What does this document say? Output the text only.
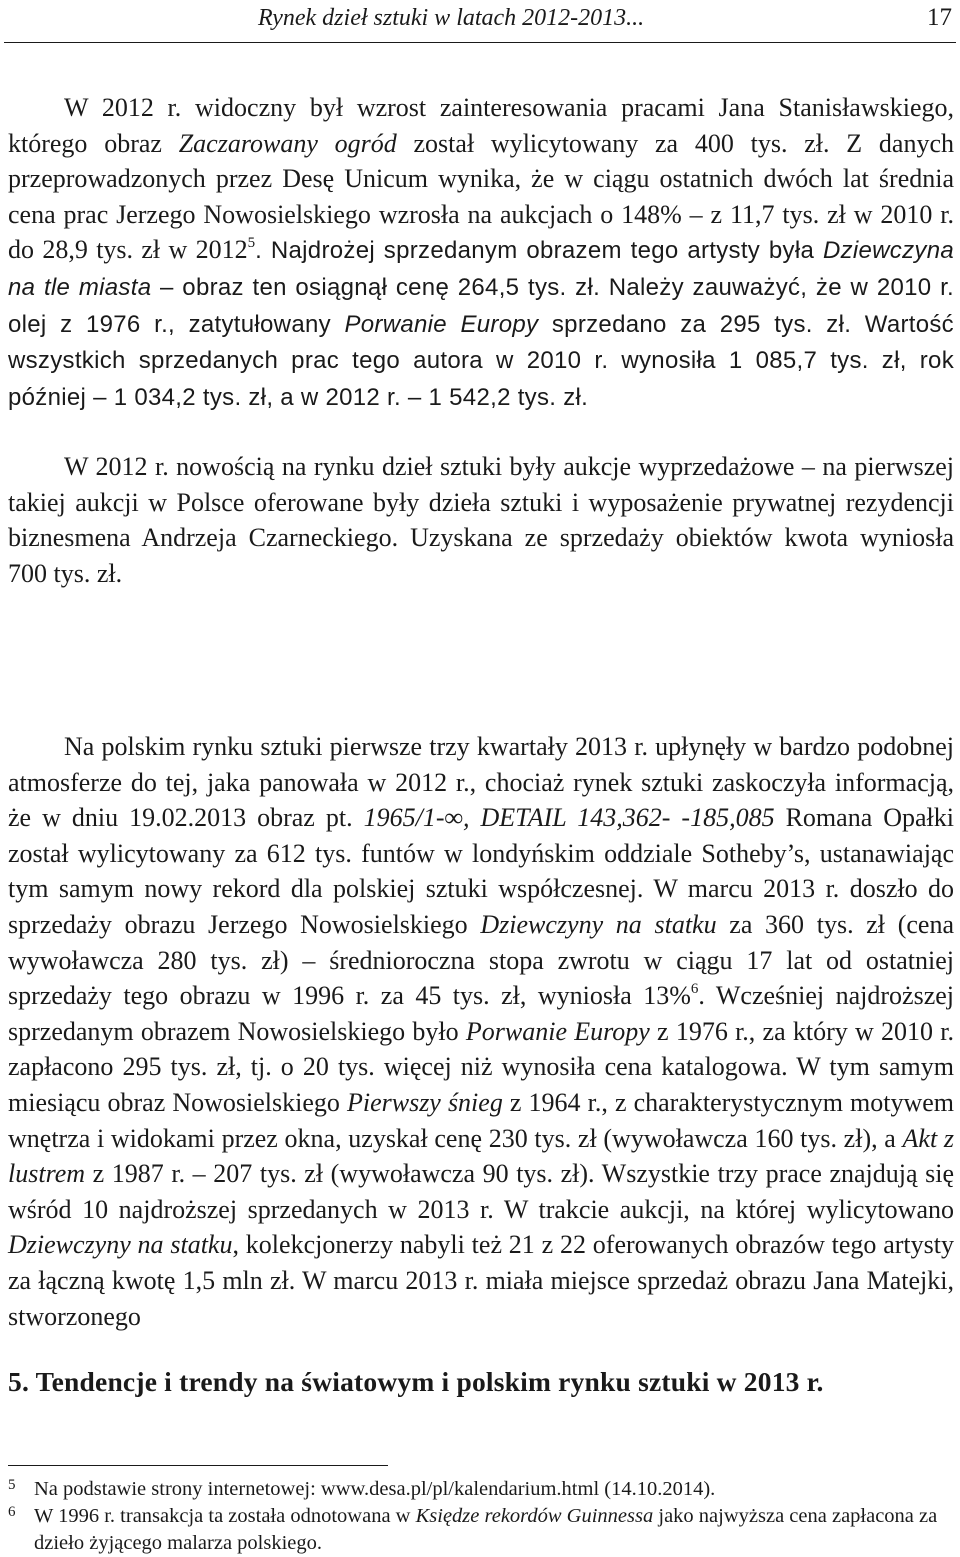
Rynek dzieł sztuki w latach 2012-2013...	17

W 2012 r. widoczny był wzrost zainteresowania pracami Jana Stanisławskiego, którego obraz Zaczarowany ogród został wylicytowany za 400 tys. zł. Z danych przeprowadzonych przez Desę Unicum wynika, że w ciągu ostatnich dwóch lat średnia cena prac Jerzego Nowosielskiego wzrosła na aukcjach o 148% – z 11,7 tys. zł w 2010 r. do 28,9 tys. zł w 2012$^5$. Najdrożej sprzedanym obrazem tego artysty była Dziewczyna na tle miasta – obraz ten osiągnął cenę 264,5 tys. zł. Należy zauważyć, że w 2010 r. olej z 1976 r., zatytułowany Porwanie Europy sprzedano za 295 tys. zł. Wartość wszystkich sprzedanych prac tego autora w 2010 r. wynosiła 1 085,7 tys. zł, rok później – 1 034,2 tys. zł, a w 2012 r. – 1 542,2 tys. zł.

W 2012 r. nowością na rynku dzieł sztuki były aukcje wyprzedażowe – na pierwszej takiej aukcji w Polsce oferowane były dzieła sztuki i wyposażenie prywatnej rezydencji biznesmena Andrzeja Czarneckiego. Uzyskana ze sprzedaży obiektów kwota wyniosła 700 tys. zł.

5. Tendencje i trendy na światowym i polskim rynku sztuki w 2013 r.

Na polskim rynku sztuki pierwsze trzy kwartały 2013 r. upłynęły w bardzo podobnej atmosferze do tej, jaka panowała w 2012 r., chociaż rynek sztuki zaskoczyła informacją, że w dniu 19.02.2013 obraz pt. 1965/1-∞, DETAIL 143,362- -185,085 Romana Opałki został wylicytowany za 612 tys. funtów w londyńskim oddziale Sotheby’s, ustanawiając tym samym nowy rekord dla polskiej sztuki współczesnej. W marcu 2013 r. doszło do sprzedaży obrazu Jerzego Nowosielskiego Dziewczyny na statku za 360 tys. zł (cena wywoławcza 280 tys. zł) – średnioroczna stopa zwrotu w ciągu 17 lat od ostatniej sprzedaży tego obrazu w 1996 r. za 45 tys. zł, wyniosła 13%$^6$. Wcześniej najdroższej sprzedanym obrazem Nowosielskiego było Porwanie Europy z 1976 r., za który w 2010 r. zapłacono 295 tys. zł, tj. o 20 tys. więcej niż wynosiła cena katalogowa. W tym samym miesiącu obraz Nowosielskiego Pierwszy śnieg z 1964 r., z charakterystycznym motywem wnętrza i widokami przez okna, uzyskał cenę 230 tys. zł (wywoławcza 160 tys. zł), a Akt z lustrem z 1987 r. – 207 tys. zł (wywoławcza 90 tys. zł). Wszystkie trzy prace znajdują się wśród 10 najdroższej sprzedanych w 2013 r. W trakcie aukcji, na której wylicytowano Dziewczyny na statku, kolekcjonerzy nabyli też 21 z 22 oferowanych obrazów tego artysty za łączną kwotę 1,5 mln zł. W marcu 2013 r. miała miejsce sprzedaż obrazu Jana Matejki, stworzonego

5 Na podstawie strony internetowej: www.desa.pl/pl/kalendarium.html (14.10.2014).

6 W 1996 r. transakcja ta została odnotowana w Księdze rekordów Guinnessa jako najwyższa cena zapłacona za dzieło żyjącego malarza polskiego.
